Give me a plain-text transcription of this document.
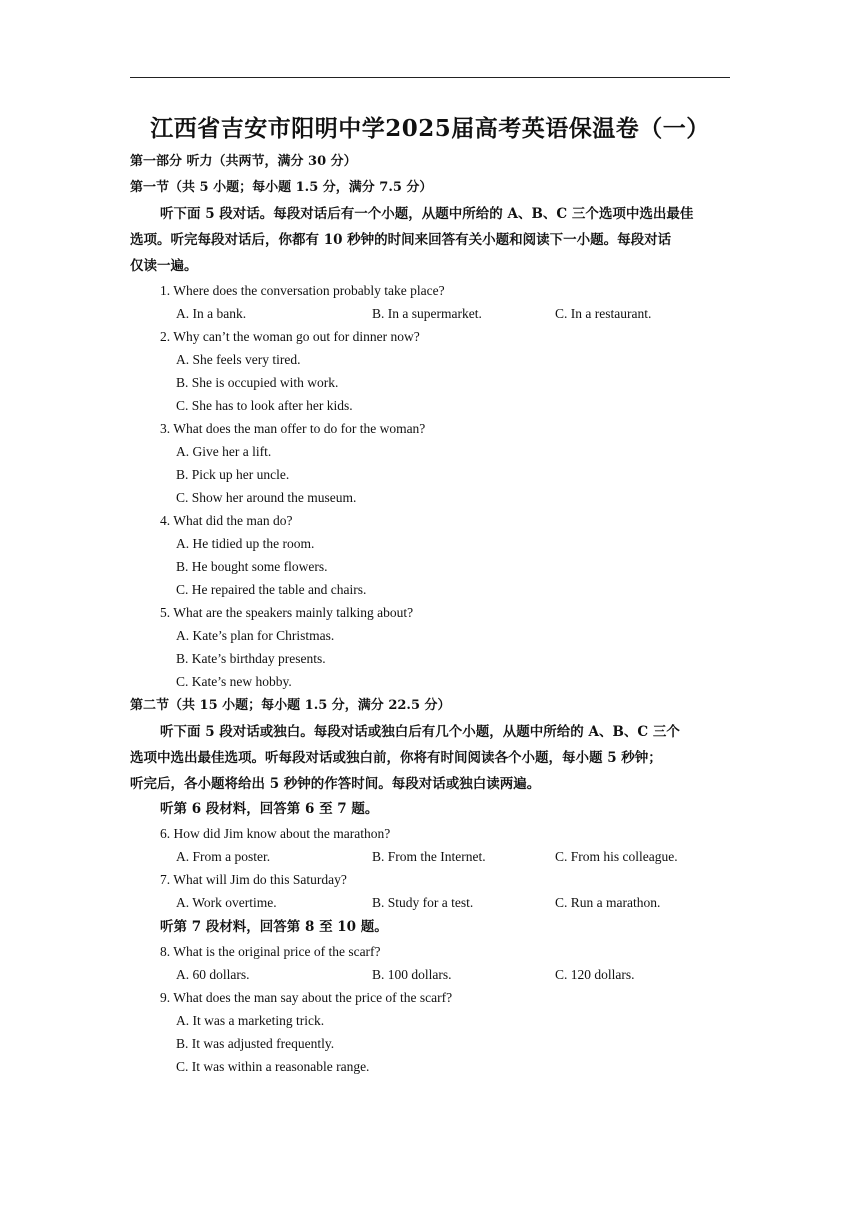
江西省吉安市阳明中学2025届高考英语保温卷（一）
第一部分 听力（共两节，满分 30 分）
第一节（共 5 小题；每小题 1.5 分，满分 7.5 分）
听下面 5 段对话。每段对话后有一个小题，从题中所给的 A、B、C 三个选项中选出最佳
选项。听完每段对话后，你都有 10 秒钟的时间来回答有关小题和阅读下一小题。每段对话
仅读一遍。
1. Where does the conversation probably take place?
A. In a bank.	B. In a supermarket.	C. In a restaurant.
2. Why can’t the woman go out for dinner now?
A. She feels very tired.
B. She is occupied with work.
C. She has to look after her kids.
3. What does the man offer to do for the woman?
A. Give her a lift.
B. Pick up her uncle.
C. Show her around the museum.
4. What did the man do?
A. He tidied up the room.
B. He bought some flowers.
C. He repaired the table and chairs.
5. What are the speakers mainly talking about?
A. Kate’s plan for Christmas.
B. Kate’s birthday presents.
C. Kate’s new hobby.
第二节（共 15 小题；每小题 1.5 分，满分 22.5 分）
听下面 5 段对话或独白。每段对话或独白后有几个小题，从题中所给的 A、B、C 三个
选项中选出最佳选项。听每段对话或独白前，你将有时间阅读各个小题，每小题 5 秒钟；
听完后，各小题将给出 5 秒钟的作答时间。每段对话或独白读两遍。
听第 6 段材料，回答第 6 至 7 题。
6. How did Jim know about the marathon?
A. From a poster.	B. From the Internet.	C. From his colleague.
7. What will Jim do this Saturday?
A. Work overtime.	B. Study for a test.	C. Run a marathon.
听第 7 段材料，回答第 8 至 10 题。
8. What is the original price of the scarf?
A. 60 dollars.	B. 100 dollars.	C. 120 dollars.
9. What does the man say about the price of the scarf?
A. It was a marketing trick.
B. It was adjusted frequently.
C. It was within a reasonable range.
